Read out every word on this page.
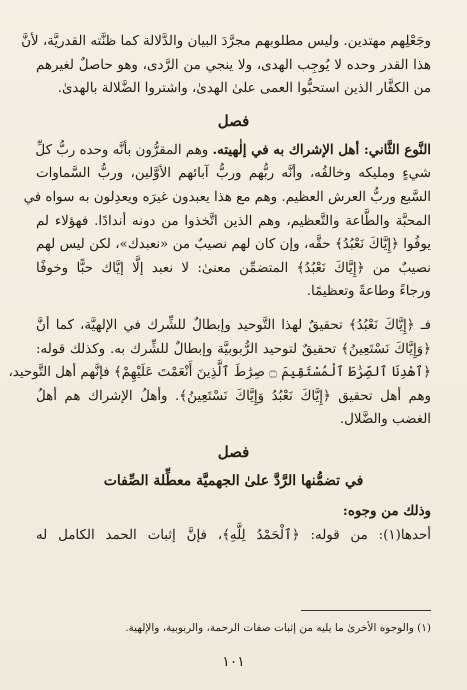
وجَعْلِهم مهتدين. وليس مطلوبهم مجرَّدَ البيان والدَّلالة كما ظنَّته القدريَّة، لأنَّ
هذا القدر وحده لا يُوجِب الهدى، ولا ينجي من الرَّدى، وهو حاصلٌ لغيرهم
من الكفَّار الذين استحبُّوا العمى علىٰ الهدىٰ، واشتروا الضَّلالة بالهدىٰ.
فصل
النَّوع الثَّاني: أهل الإشراك به في إلٰهيته. وهم المقرُّون بأنَّه وحده ربُّ كلِّ
شيءٍ ومليكه وخالقُه، وأنَّه ربُّهم وربُّ آبائهم الأوَّلين، وربُّ السَّماوات
السَّبع وربُّ العرش العظيم. وهم مع هذا يعبدون غيرَه ويعدِلون به سواه في
المحبَّة والطَّاعة والتَّعظيم، وهم الذين اتَّخذوا من دونه أندادًا. فهؤلاء لم
يوفُوا ﴿إِيَّاكَ نَعْبُدُ﴾ حقَّه، وإن كان لهم نصيبٌ من «نعبدك»، لكن ليس لهم
نصيبٌ من ﴿إِيَّاكَ نَعْبُدُ﴾ المتضمِّن معنىٰ: لا نعبد إلَّا إيَّاك حبًّا وخوفًا
ورجاءً وطاعةً وتعظيمًا.
فـ ﴿إِيَّاكَ نَعْبُدُ﴾ تحقيقٌ لهذا التَّوحيد وإبطالٌ للشِّرك في الإلهيَّة، كما أنَّ
﴿وَإِيَّاكَ نَسْتَعِينُ﴾ تحقيقٌ لتوحيد الرُّبوبيَّة وإبطالٌ للشِّرك به. وكذلك قوله:
﴿ٱهْدِنَا ٱلصِّرَٰطَ ٱلْمُسْتَقِيمَ ۝ صِرَٰطَ ٱلَّذِينَ أَنْعَمْتَ عَلَيْهِمْ﴾ فإنَّهم أهل التَّوحيد،
وهم أهل تحقيق ﴿إِيَّاكَ نَعْبُدُ وَإِيَّاكَ نَسْتَعِينُ﴾. وأهلُ الإشراك هم أهلُ
الغضب والضَّلال.
فصل
في تضمُّنها الرَّدَّ علىٰ الجهميَّة معطِّلة الصِّفات
وذلك من وجوه:
أحدها(١): من قوله: ﴿ٱلْحَمْدُ لِلَّهِ﴾، فإنَّ إثبات الحمد الكامل له
(١) والوجوه الأخرىٰ ما يليه من إثبات صفات الرحمة، والربوبية، والإلهية.
١٠١
